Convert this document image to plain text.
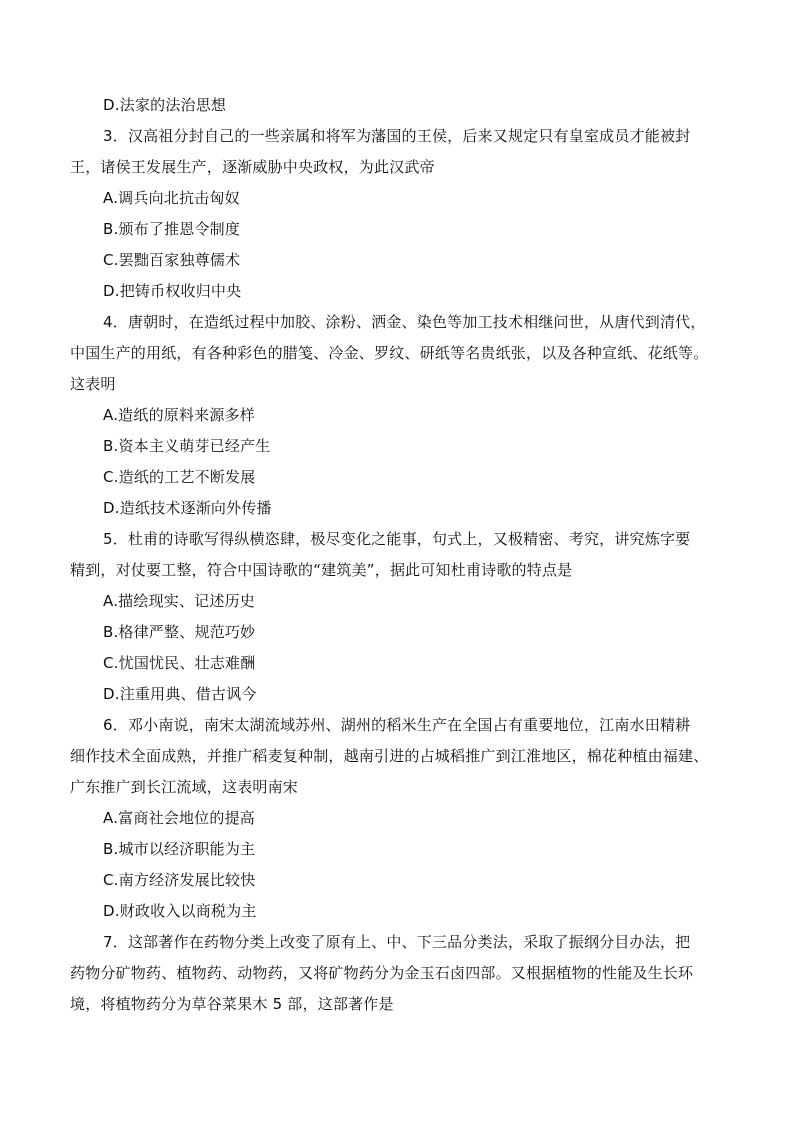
D.法家的法治思想
3．汉高祖分封自己的一些亲属和将军为藩国的王侯，后来又规定只有皇室成员才能被封
王，诸侯王发展生产，逐渐威胁中央政权，为此汉武帝
A.调兵向北抗击匈奴
B.颁布了推恩令制度
C.罢黜百家独尊儒术
D.把铸币权收归中央
4．唐朝时，在造纸过程中加胶、涂粉、洒金、染色等加工技术相继问世，从唐代到清代，
中国生产的用纸，有各种彩色的腊笺、冷金、罗纹、研纸等名贵纸张，以及各种宣纸、花纸等。
这表明
A.造纸的原料来源多样
B.资本主义萌芽已经产生
C.造纸的工艺不断发展
D.造纸技术逐渐向外传播
5．杜甫的诗歌写得纵横恣肆，极尽变化之能事，句式上，又极精密、考究，讲究炼字要
精到，对仗要工整，符合中国诗歌的“建筑美”，据此可知杜甫诗歌的特点是
A.描绘现实、记述历史
B.格律严整、规范巧妙
C.忧国忧民、壮志难酬
D.注重用典、借古讽今
6．邓小南说，南宋太湖流域苏州、湖州的稻米生产在全国占有重要地位，江南水田精耕
细作技术全面成熟，并推广稻麦复种制，越南引进的占城稻推广到江淮地区，棉花种植由福建、
广东推广到长江流域，这表明南宋
A.富商社会地位的提高
B.城市以经济职能为主
C.南方经济发展比较快
D.财政收入以商税为主
7．这部著作在药物分类上改变了原有上、中、下三品分类法，采取了振纲分目办法，把
药物分矿物药、植物药、动物药，又将矿物药分为金玉石卤四部。又根据植物的性能及生长环
境，将植物药分为草谷菜果木 5 部，这部著作是
